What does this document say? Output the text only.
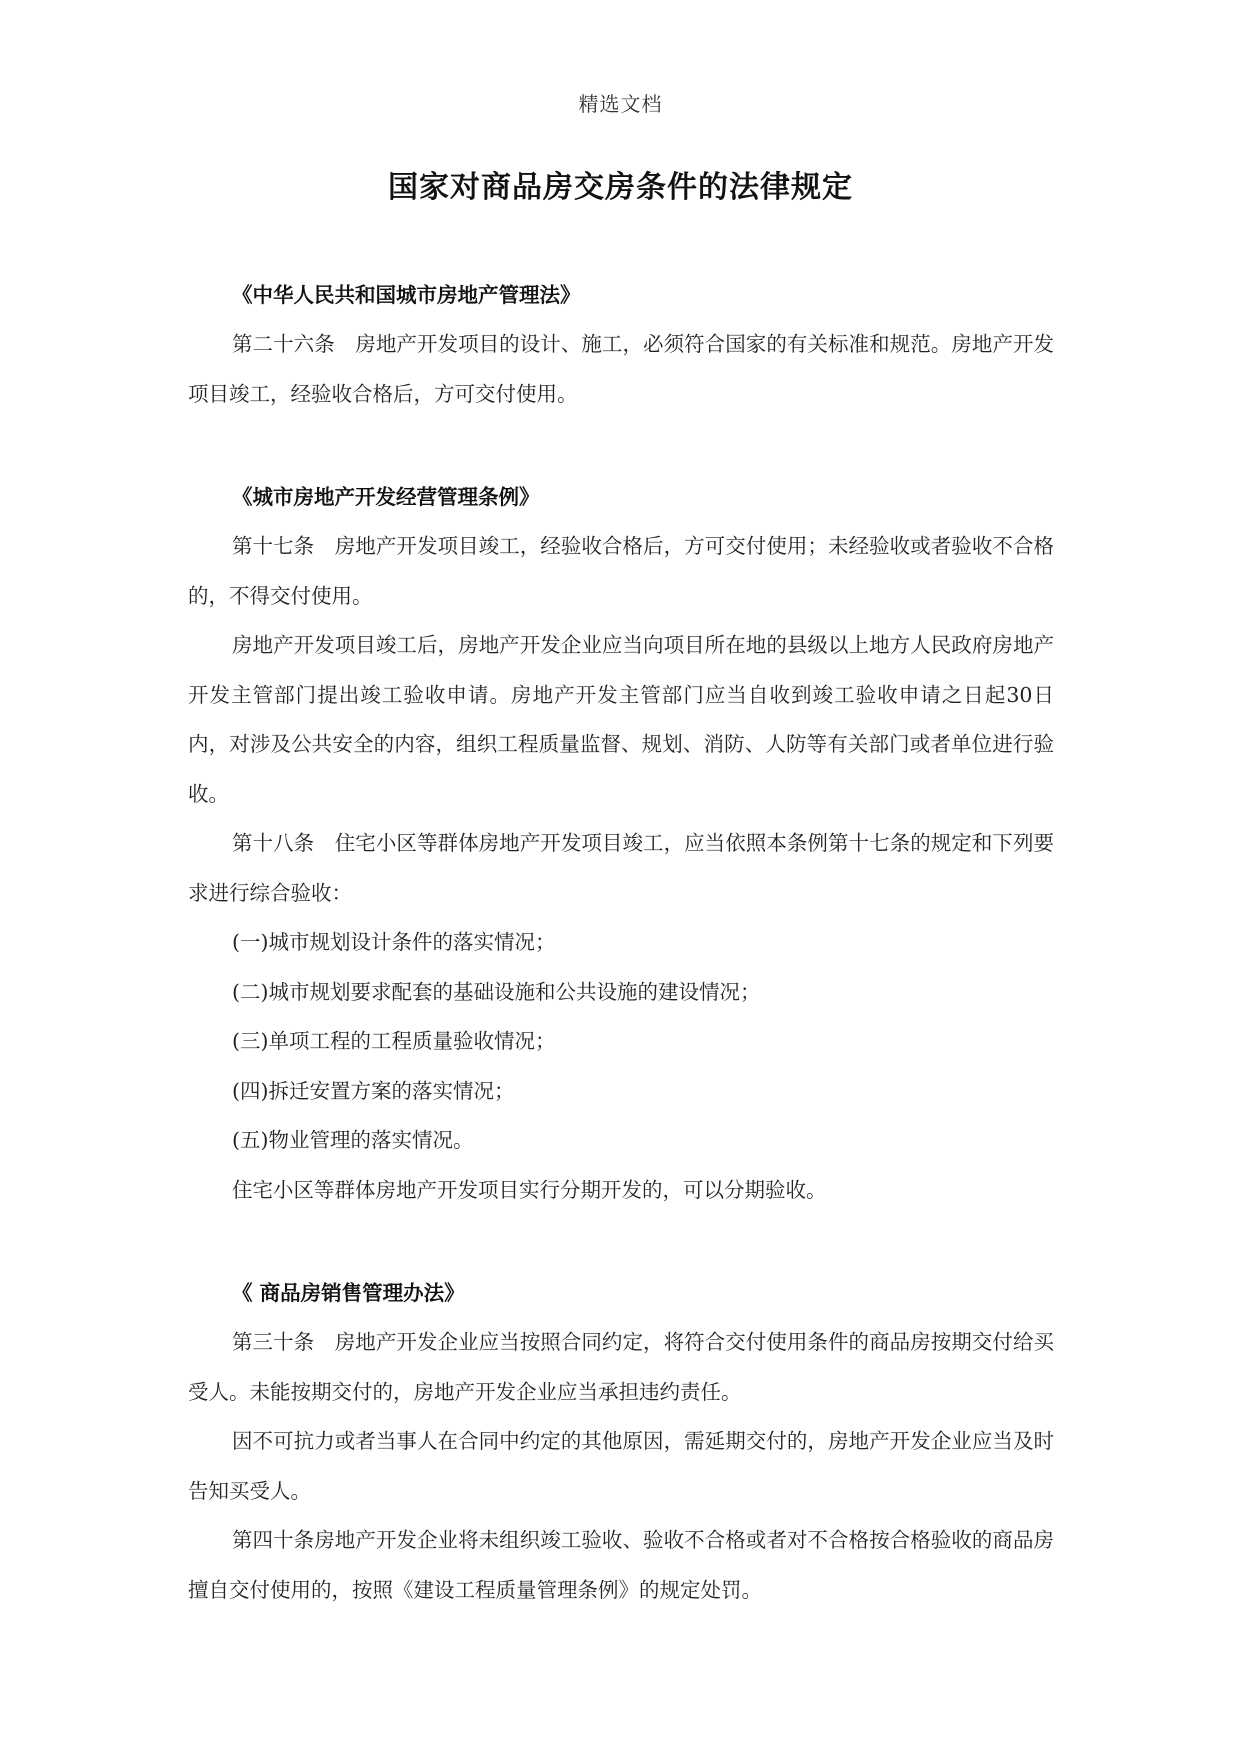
精选文档
国家对商品房交房条件的法律规定

《中华人民共和国城市房地产管理法》

第二十六条　房地产开发项目的设计、施工，必须符合国家的有关标准和规范。房地产开发项目竣工，经验收合格后，方可交付使用。

《城市房地产开发经营管理条例》

第十七条　房地产开发项目竣工，经验收合格后，方可交付使用；未经验收或者验收不合格的，不得交付使用。

房地产开发项目竣工后，房地产开发企业应当向项目所在地的县级以上地方人民政府房地产开发主管部门提出竣工验收申请。房地产开发主管部门应当自收到竣工验收申请之日起30日内，对涉及公共安全的内容，组织工程质量监督、规划、消防、人防等有关部门或者单位进行验收。

第十八条　住宅小区等群体房地产开发项目竣工，应当依照本条例第十七条的规定和下列要求进行综合验收：

(一)城市规划设计条件的落实情况；

(二)城市规划要求配套的基础设施和公共设施的建设情况；

(三)单项工程的工程质量验收情况；

(四)拆迁安置方案的落实情况；

(五)物业管理的落实情况。

住宅小区等群体房地产开发项目实行分期开发的，可以分期验收。

《 商品房销售管理办法》

第三十条　房地产开发企业应当按照合同约定，将符合交付使用条件的商品房按期交付给买受人。未能按期交付的，房地产开发企业应当承担违约责任。

因不可抗力或者当事人在合同中约定的其他原因，需延期交付的，房地产开发企业应当及时告知买受人。

第四十条房地产开发企业将未组织竣工验收、验收不合格或者对不合格按合格验收的商品房擅自交付使用的，按照《建设工程质量管理条例》的规定处罚。
